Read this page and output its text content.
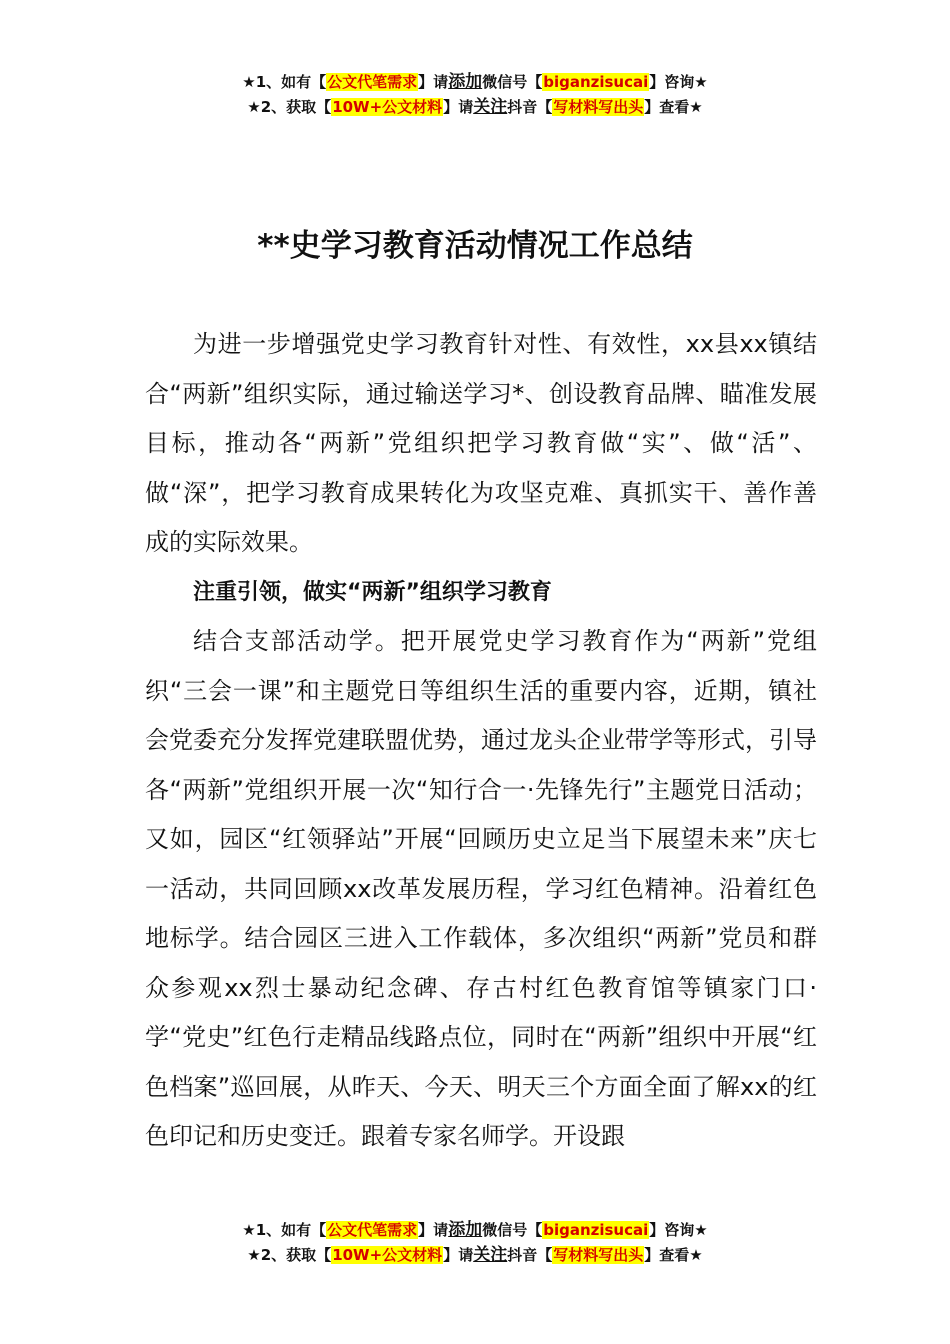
★1、如有【公文代笔需求】请添加微信号【biganzisucai】咨询★
★2、获取【10W+公文材料】请关注抖音【写材料写出头】查看★
**史学习教育活动情况工作总结

为进一步增强党史学习教育针对性、有效性，xx县xx镇结合“两新”组织实际，通过输送学习*、创设教育品牌、瞄准发展目标，推动各“两新”党组织把学习教育做“实”、做“活”、做“深”，把学习教育成果转化为攻坚克难、真抓实干、善作善成的实际效果。

注重引领，做实“两新”组织学习教育

结合支部活动学。把开展党史学习教育作为“两新”党组织“三会一课”和主题党日等组织生活的重要内容，近期，镇社会党委充分发挥党建联盟优势，通过龙头企业带学等形式，引导各“两新”党组织开展一次“知行合一·先锋先行”主题党日活动；又如，园区“红领驿站”开展“回顾历史立足当下展望未来”庆七一活动，共同回顾xx改革发展历程，学习红色精神。沿着红色地标学。结合园区三进入工作载体，多次组织“两新”党员和群众参观xx烈士暴动纪念碑、存古村红色教育馆等镇家门口·学“党史”红色行走精品线路点位，同时在“两新”组织中开展“红色档案”巡回展，从昨天、今天、明天三个方面全面了解xx的红色印记和历史变迁。跟着专家名师学。开设跟

★1、如有【公文代笔需求】请添加微信号【biganzisucai】咨询★
★2、获取【10W+公文材料】请关注抖音【写材料写出头】查看★
